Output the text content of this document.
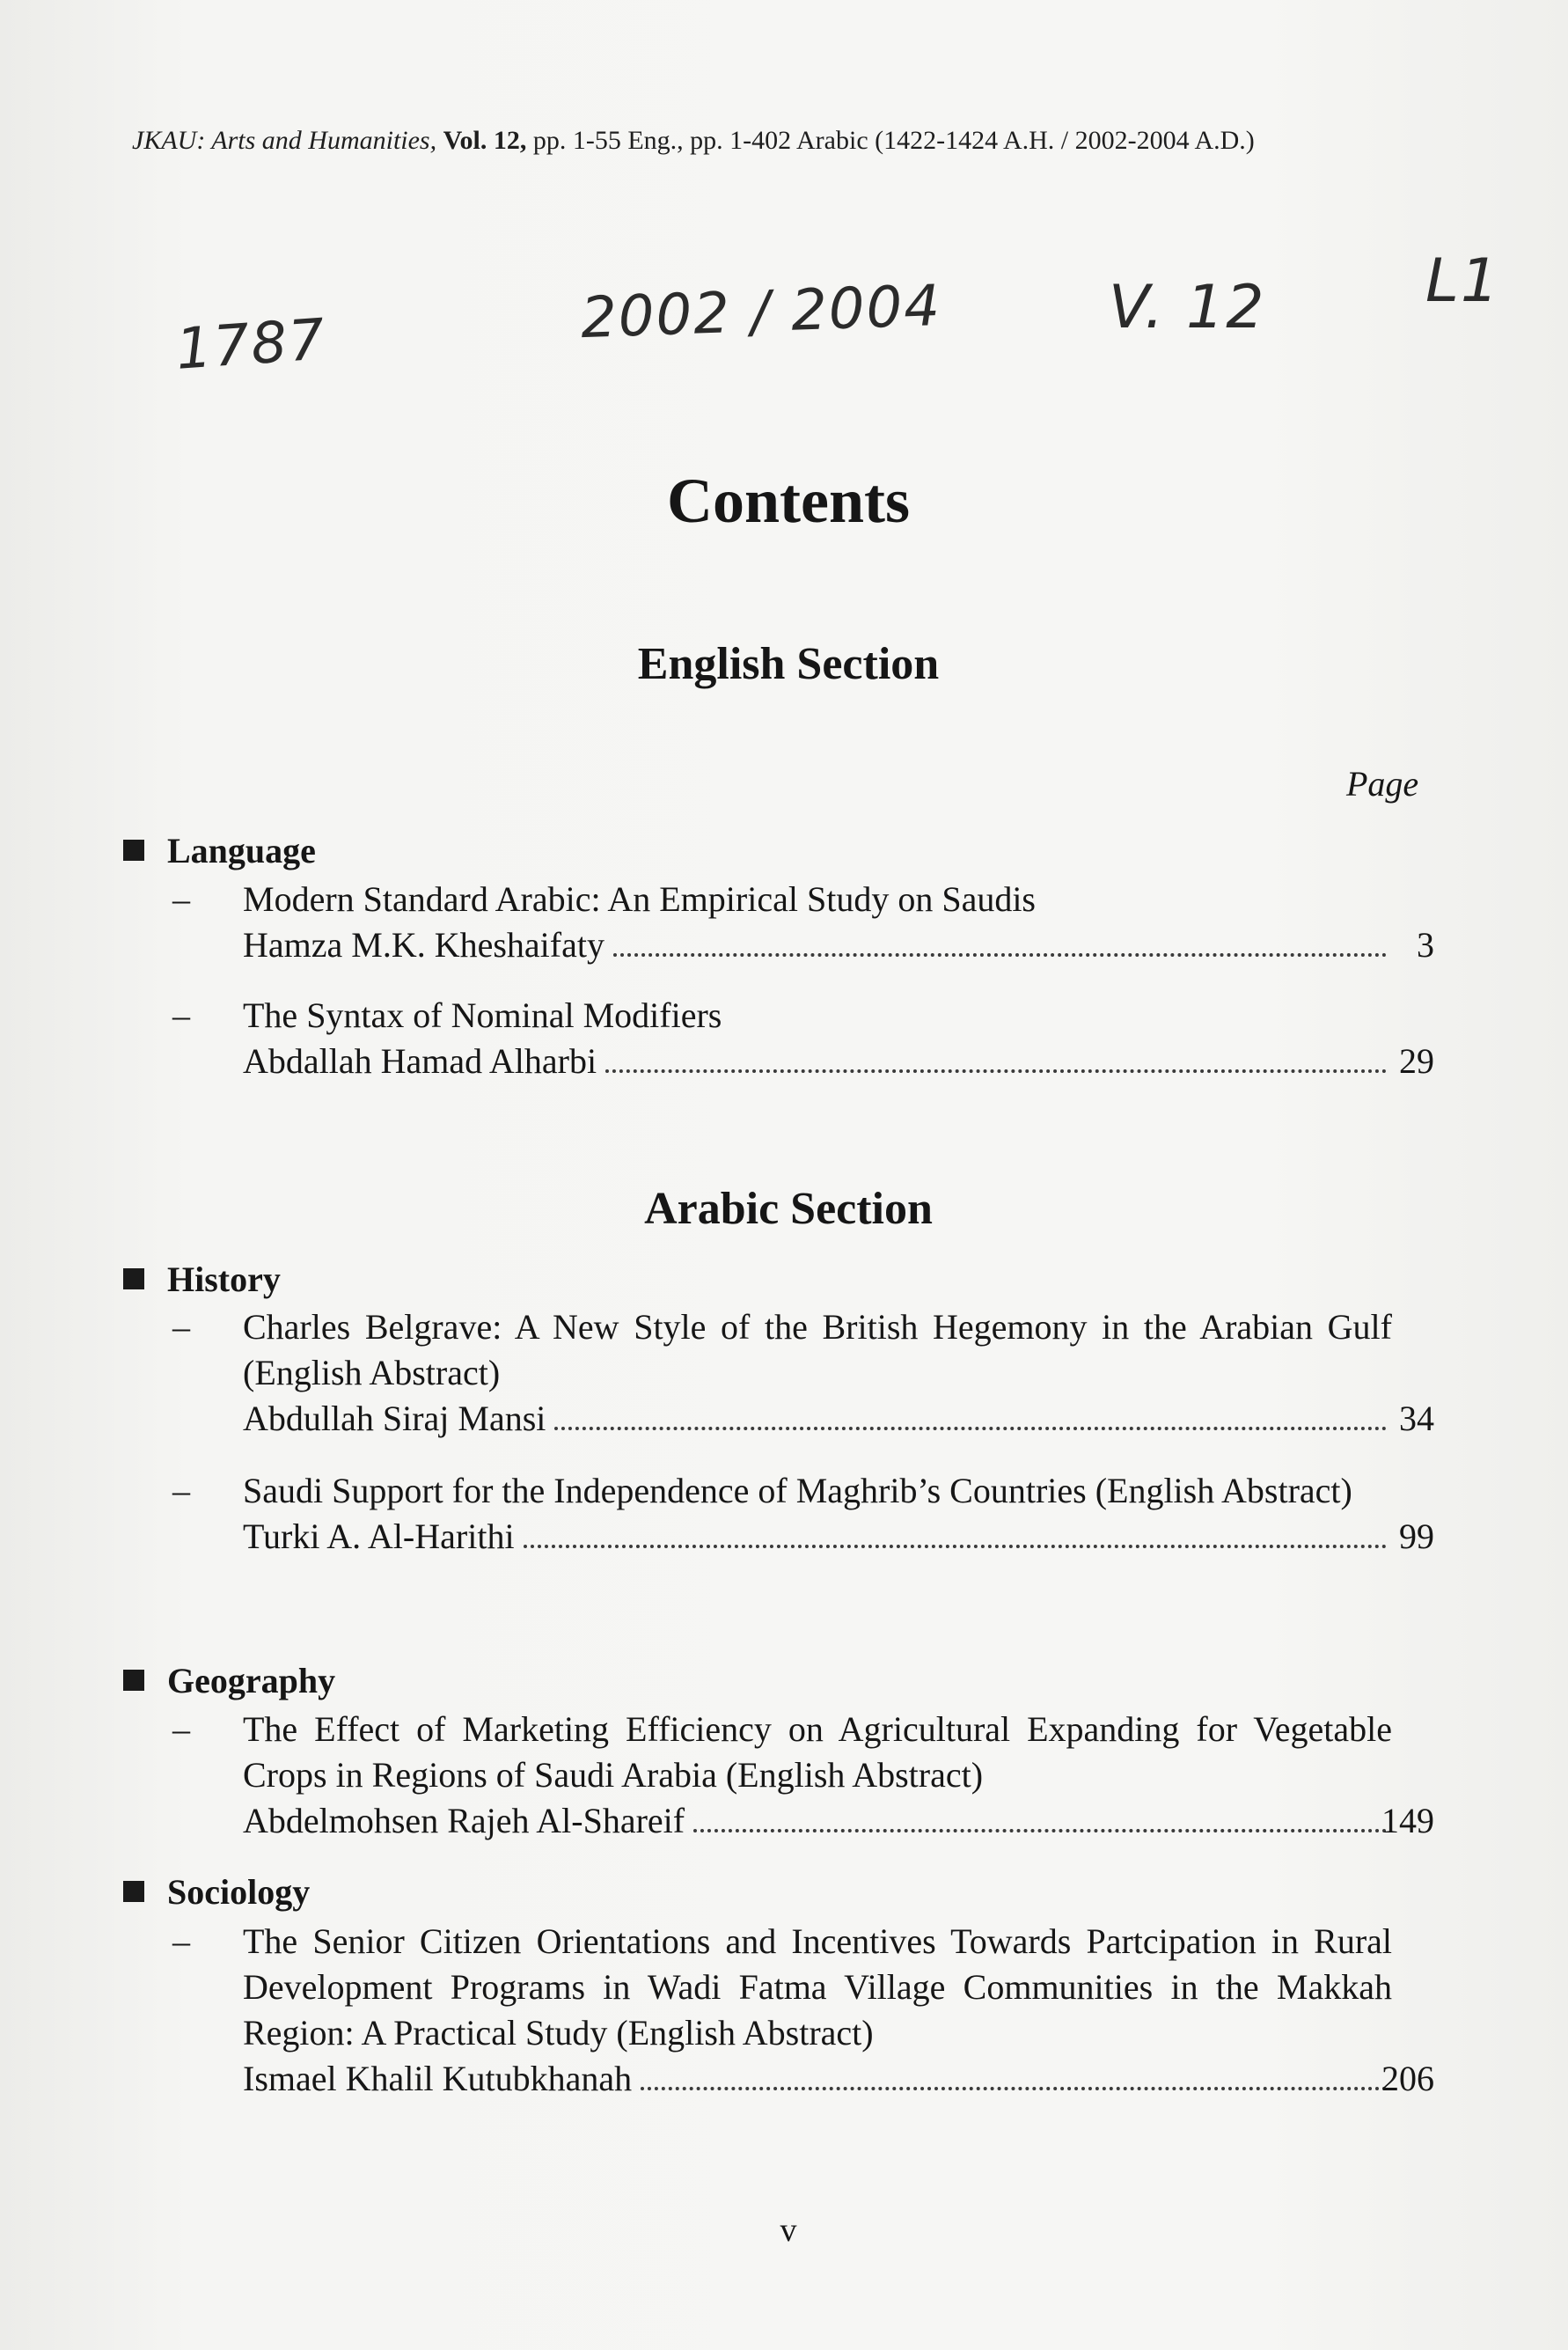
JKAU: Arts and Humanities, Vol. 12, pp. 1-55 Eng., pp. 1-402 Arabic (1422-1424 A.H. / 2002-2004 A.D.)
1787	2002 / 2004	V. 12	L1
Contents
English Section
Page
Language
– Modern Standard Arabic: An Empirical Study on Saudis
Hamza M.K. Kheshaifaty	3
– The Syntax of Nominal Modifiers
Abdallah Hamad Alharbi	29
Arabic Section
History
– Charles Belgrave: A New Style of the British Hegemony in the Arabian Gulf (English Abstract)
Abdullah Siraj Mansi	34
– Saudi Support for the Independence of Maghrib’s Countries (English Abstract)
Turki A. Al-Harithi	99
Geography
– The Effect of Marketing Efficiency on Agricultural Expanding for Vegetable Crops in Regions of Saudi Arabia (English Abstract)
Abdelmohsen Rajeh Al-Shareif	149
Sociology
– The Senior Citizen Orientations and Incentives Towards Partcipation in Rural Development Programs in Wadi Fatma Village Communities in the Makkah Region: A Practical Study (English Abstract)
Ismael Khalil Kutubkhanah	206
v
